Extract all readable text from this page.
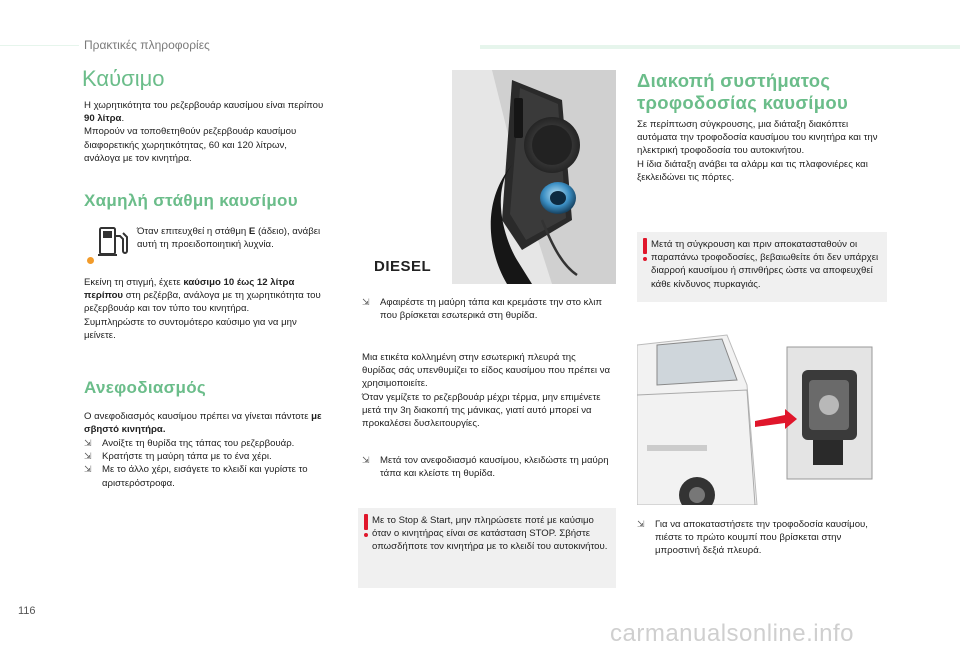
Πρακτικές πληροφορίες
Καύσιμο
Η χωρητικότητα του ρεζερβουάρ καυσίμου είναι περίπου 90 λίτρα.
Μπορούν να τοποθετηθούν ρεζερβουάρ καυσίμου διαφορετικής χωρητικότητας, 60 και 120 λίτρων, ανάλογα με τον κινητήρα.
Χαμηλή στάθμη καυσίμου
Όταν επιτευχθεί η στάθμη E (άδειο), ανάβει αυτή τη προειδοποιητική λυχνία.
Εκείνη τη στιγμή, έχετε καύσιμο 10 έως 12 λίτρα περίπου στη ρεζέρβα, ανάλογα με τη χωρητικότητα του ρεζερβουάρ και τον τύπο του κινητήρα.
Συμπληρώστε το συντομότερο καύσιμο για να μην μείνετε.
Ανεφοδιασμός
Ο ανεφοδιασμός καυσίμου πρέπει να γίνεται πάντοτε με σβηστό κινητήρα.
⇲	Ανοίξτε τη θυρίδα της τάπας του ρεζερβουάρ.
⇲	Κρατήστε τη μαύρη τάπα με το ένα χέρι.
⇲	Με το άλλο χέρι, εισάγετε το κλειδί και γυρίστε το αριστερόστροφα.
DIESEL
⇲	Αφαιρέστε τη μαύρη τάπα και κρεμάστε την στο κλιπ που βρίσκεται εσωτερικά στη θυρίδα.
Μια ετικέτα κολλημένη στην εσωτερική πλευρά της θυρίδας σάς υπενθυμίζει το είδος καυσίμου που πρέπει να χρησιμοποιείτε.
Όταν γεμίζετε το ρεζερβουάρ μέχρι τέρμα, μην επιμένετε μετά την 3η διακοπή της μάνικας, γιατί αυτό μπορεί να προκαλέσει δυσλειτουργίες.
⇲	Μετά τον ανεφοδιασμό καυσίμου, κλειδώστε τη μαύρη τάπα και κλείστε τη θυρίδα.
Με το Stop & Start, μην πληρώσετε ποτέ με καύσιμο όταν ο κινητήρας είναι σε κατάσταση STOP. Σβήστε οπωσδήποτε τον κινητήρα με το κλειδί του αυτοκινήτου.
Διακοπή συστήματος τροφοδοσίας καυσίμου
Σε περίπτωση σύγκρουσης, μια διάταξη διακόπτει αυτόματα την τροφοδοσία καυσίμου του κινητήρα και την ηλεκτρική τροφοδοσία του αυτοκινήτου.
Η ίδια διάταξη ανάβει τα αλάρμ και τις πλαφονιέρες και ξεκλειδώνει τις πόρτες.
Μετά τη σύγκρουση και πριν αποκατασταθούν οι παραπάνω τροφοδοσίες, βεβαιωθείτε ότι δεν υπάρχει διαρροή καυσίμου ή σπινθήρες ώστε να αποφευχθεί κάθε κίνδυνος πυρκαγιάς.
⇲	Για να αποκαταστήσετε την τροφοδοσία καυσίμου, πιέστε το πρώτο κουμπί που βρίσκεται στην μπροστινή δεξιά πλευρά.
116
carmanualsonline.info
